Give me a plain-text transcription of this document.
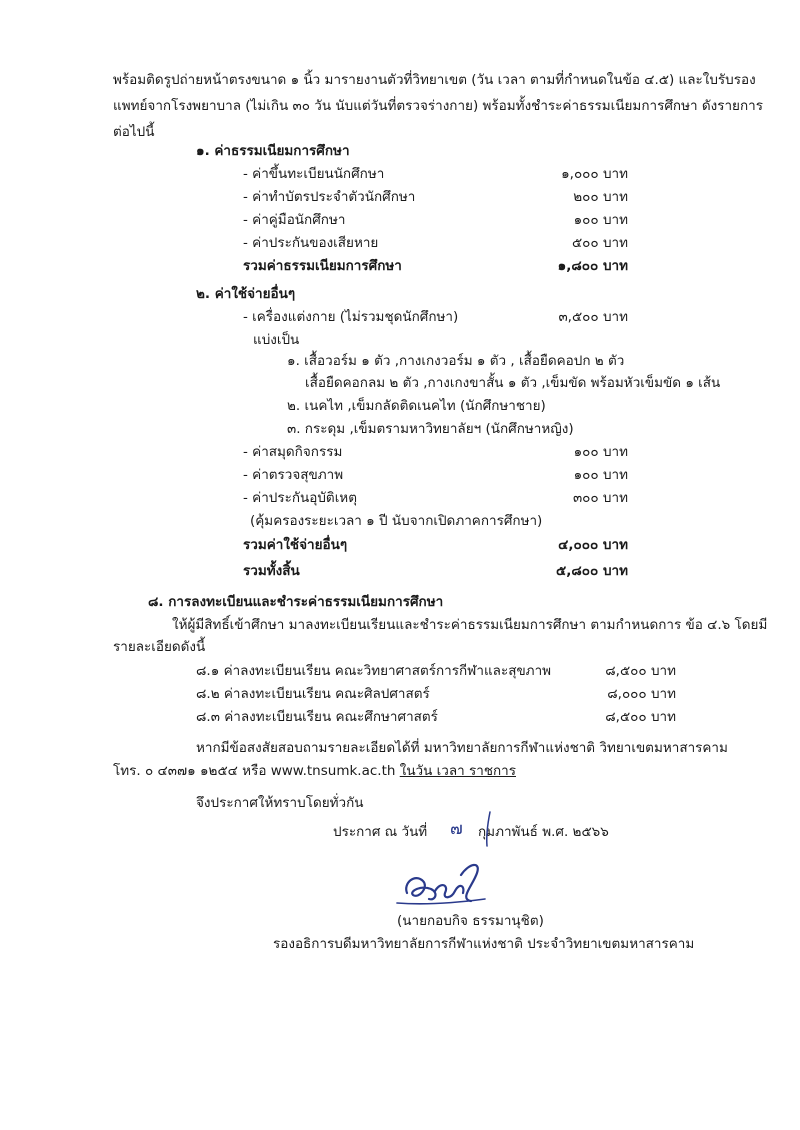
พร้อมติดรูปถ่ายหน้าตรงขนาด ๑ นิ้ว มารายงานตัวที่วิทยาเขต (วัน เวลา ตามที่กำหนดในข้อ ๔.๕) และใบรับรอง
แพทย์จากโรงพยาบาล (ไม่เกิน ๓๐ วัน นับแต่วันที่ตรวจร่างกาย) พร้อมทั้งชำระค่าธรรมเนียมการศึกษา ดังรายการ
ต่อไปนี้
๑. ค่าธรรมเนียมการศึกษา
- ค่าขึ้นทะเบียนนักศึกษา	๑,๐๐๐ บาท
- ค่าทำบัตรประจำตัวนักศึกษา	๒๐๐ บาท
- ค่าคู่มือนักศึกษา	๑๐๐ บาท
- ค่าประกันของเสียหาย	๕๐๐ บาท
รวมค่าธรรมเนียมการศึกษา	๑,๘๐๐ บาท
๒. ค่าใช้จ่ายอื่นๆ
- เครื่องแต่งกาย (ไม่รวมชุดนักศึกษา)	๓,๕๐๐ บาท
แบ่งเป็น
๑. เสื้อวอร์ม ๑ ตัว ,กางเกงวอร์ม ๑ ตัว , เสื้อยืดคอปก ๒ ตัว
เสื้อยืดคอกลม ๒ ตัว ,กางเกงขาสั้น ๑ ตัว ,เข็มขัด พร้อมหัวเข็มขัด ๑ เส้น
๒. เนคไท ,เข็มกลัดติดเนคไท (นักศึกษาชาย)
๓. กระดุม ,เข็มตรามหาวิทยาลัยฯ (นักศึกษาหญิง)
- ค่าสมุดกิจกรรม	๑๐๐ บาท
- ค่าตรวจสุขภาพ	๑๐๐ บาท
- ค่าประกันอุบัติเหตุ	๓๐๐ บาท
(คุ้มครองระยะเวลา ๑ ปี นับจากเปิดภาคการศึกษา)
รวมค่าใช้จ่ายอื่นๆ	๔,๐๐๐ บาท
รวมทั้งสิ้น	๕,๘๐๐ บาท
๘. การลงทะเบียนและชำระค่าธรรมเนียมการศึกษา
ให้ผู้มีสิทธิ์เข้าศึกษา มาลงทะเบียนเรียนและชำระค่าธรรมเนียมการศึกษา ตามกำหนดการ ข้อ ๔.๖ โดยมี
รายละเอียดดังนี้
๘.๑ ค่าลงทะเบียนเรียน คณะวิทยาศาสตร์การกีฬาและสุขภาพ	๘,๕๐๐ บาท
๘.๒ ค่าลงทะเบียนเรียน คณะศิลปศาสตร์	๘,๐๐๐ บาท
๘.๓ ค่าลงทะเบียนเรียน คณะศึกษาศาสตร์	๘,๕๐๐ บาท
หากมีข้อสงสัยสอบถามรายละเอียดได้ที่ มหาวิทยาลัยการกีฬาแห่งชาติ วิทยาเขตมหาสารคาม
โทร. ๐ ๔๓๗๑ ๑๒๕๔ หรือ www.tnsumk.ac.th ในวัน เวลา ราชการ
จึงประกาศให้ทราบโดยทั่วกัน
ประกาศ ณ วันที่ ๗ กุมภาพันธ์ พ.ศ. ๒๕๖๖
(นายกอบกิจ ธรรมานุชิต)
รองอธิการบดีมหาวิทยาลัยการกีฬาแห่งชาติ ประจำวิทยาเขตมหาสารคาม
